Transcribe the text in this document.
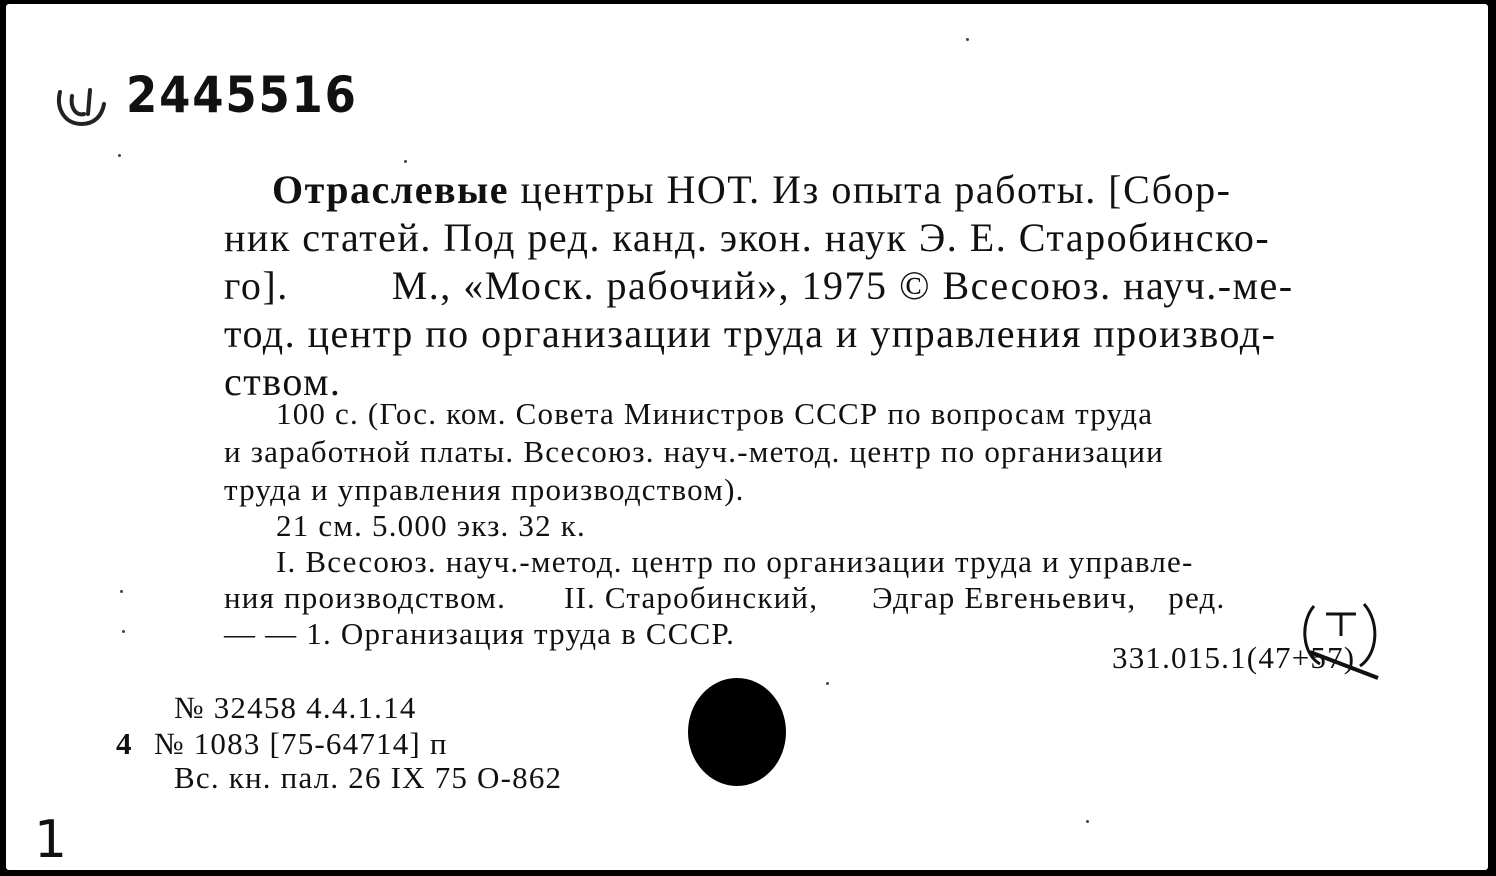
2445516
Отраслевые центры НОТ. Из опыта работы. [Сбор-
ник статей. Под ред. канд. экон. наук Э. Е. Старобинско-
го].	М., «Моск. рабочий», 1975 © Всесоюз. науч.-ме-
тод. центр по организации труда и управления производ-
ством.
100 с. (Гос. ком. Совета Министров СССР по вопросам труда
и заработной платы. Всесоюз. науч.-метод. центр по организации
труда и управления производством).
21 см. 5.000 экз. 32 к.
I. Всесоюз. науч.-метод. центр по организации труда и управле-
ния производством. II. Старобинский, Эдгар Евгеньевич, ред.
— — 1. Организация труда в СССР.
331.015.1(47+57)
№ 32458 4.4.1.14
4 № 1083 [75-64714] п
Вс. кн. пал. 26 IX 75 О-862
1
